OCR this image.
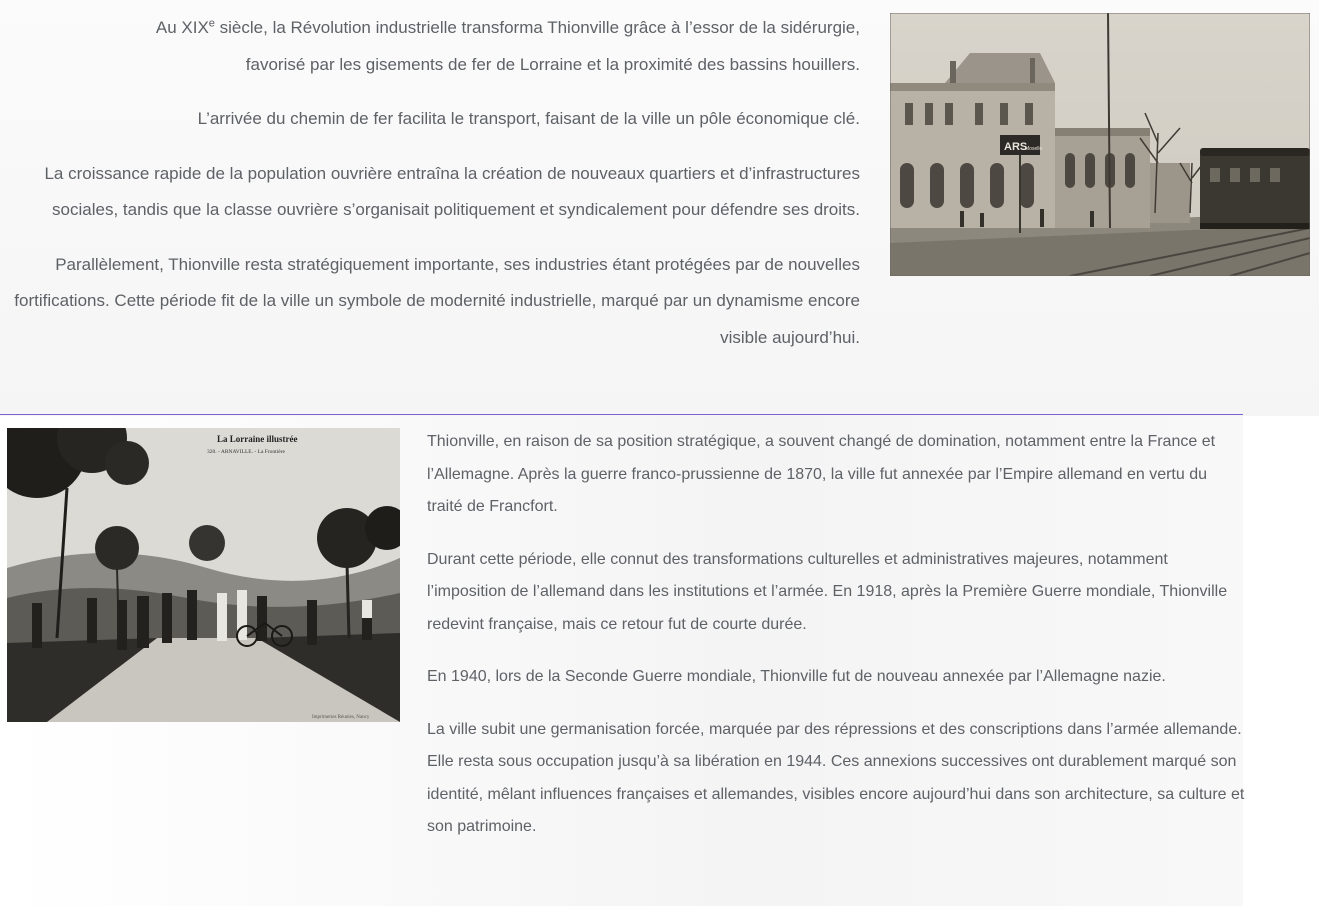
Au XIXe siècle, la Révolution industrielle transforma Thionville grâce à l’essor de la sidérurgie,
favorisé par les gisements de fer de Lorraine et la proximité des bassins houillers.

L’arrivée du chemin de fer facilita le transport, faisant de la ville un pôle économique clé.

La croissance rapide de la population ouvrière entraîna la création de nouveaux quartiers et d’infrastructures sociales, tandis que la classe ouvrière s’organisait politiquement et syndicalement pour défendre ses droits.

Parallèlement, Thionville resta stratégiquement importante, ses industries étant protégées par de nouvelles fortifications. Cette période fit de la ville un symbole de modernité industrielle, marqué par un dynamisme encore visible aujourd’hui.

ARS
Moselle

Thionville, en raison de sa position stratégique, a souvent changé de domination, notamment entre la France et l’Allemagne. Après la guerre franco-prussienne de 1870, la ville fut annexée par l’Empire allemand en vertu du traité de Francfort.

Durant cette période, elle connut des transformations culturelles et administratives majeures, notamment l’imposition de l’allemand dans les institutions et l’armée. En 1918, après la Première Guerre mondiale, Thionville redevint française, mais ce retour fut de courte durée.

En 1940, lors de la Seconde Guerre mondiale, Thionville fut de nouveau annexée par l’Allemagne nazie.

La ville subit une germanisation forcée, marquée par des répressions et des conscriptions dans l’armée allemande. Elle resta sous occupation jusqu’à sa libération en 1944. Ces annexions successives ont durablement marqué son identité, mêlant influences françaises et allemandes, visibles encore aujourd’hui dans son architecture, sa culture et son patrimoine.

La Lorraine illustrée
320. - ARNAVILLE. - La Frontière
Imprimeries Réunies, Nancy
